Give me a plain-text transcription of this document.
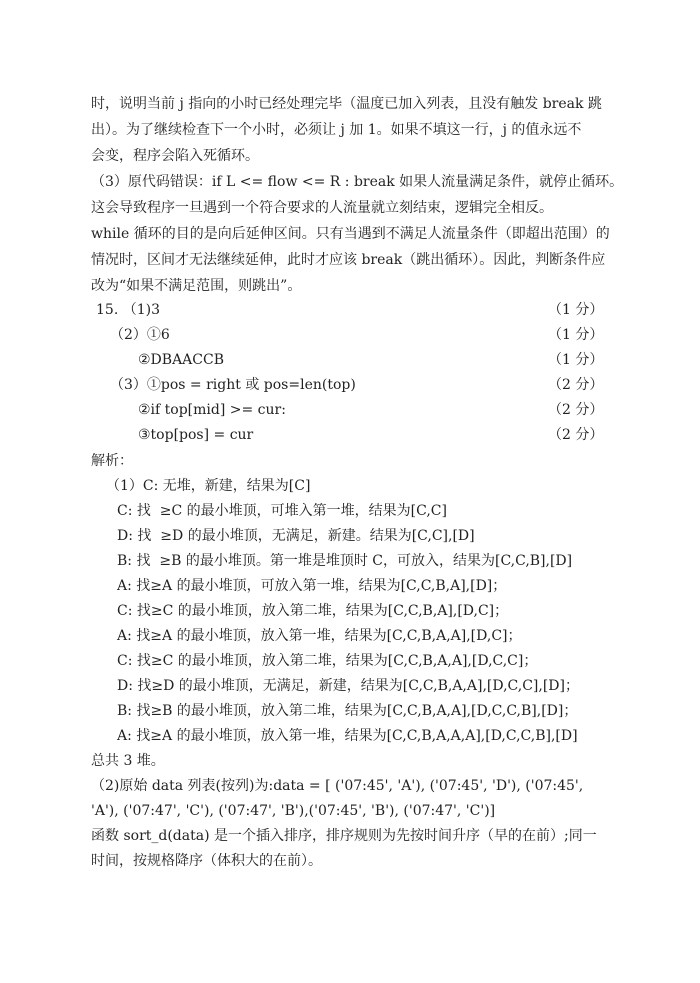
时，说明当前 j 指向的小时已经处理完毕（温度已加入列表，且没有触发 break 跳
出）。为了继续检查下一个小时，必须让 j 加 1。如果不填这一行，j 的值永远不
会变，程序会陷入死循环。
（3）原代码错误：if L <= flow <= R : break 如果人流量满足条件，就停止循环。
这会导致程序一旦遇到一个符合要求的人流量就立刻结束，逻辑完全相反。
while 循环的目的是向后延伸区间。只有当遇到不满足人流量条件（即超出范围）的
情况时，区间才无法继续延伸，此时才应该 break（跳出循环）。因此，判断条件应
改为“如果不满足范围，则跳出”。
15. （1)3	（1 分）
（2）①6	（1 分）
②DBAACCB	（1 分）
（3）①pos = right 或 pos=len(top)	（2 分）
②if top[mid] >= cur:	（2 分）
③top[pos] = cur	（2 分）
解析：
（1）C: 无堆，新建，结果为[C]
C: 找  ≥C 的最小堆顶，可堆入第一堆，结果为[C,C]
D: 找  ≥D 的最小堆顶，无满足，新建。结果为[C,C],[D]
B: 找  ≥B 的最小堆顶。第一堆是堆顶时 C，可放入，结果为[C,C,B],[D]
A: 找≥A 的最小堆顶，可放入第一堆，结果为[C,C,B,A],[D]；
C: 找≥C 的最小堆顶，放入第二堆，结果为[C,C,B,A],[D,C]；
A: 找≥A 的最小堆顶，放入第一堆，结果为[C,C,B,A,A],[D,C]；
C: 找≥C 的最小堆顶，放入第二堆，结果为[C,C,B,A,A],[D,C,C]；
D: 找≥D 的最小堆顶，无满足，新建，结果为[C,C,B,A,A],[D,C,C],[D]；
B: 找≥B 的最小堆顶，放入第二堆，结果为[C,C,B,A,A],[D,C,C,B],[D]；
A: 找≥A 的最小堆顶，放入第一堆，结果为[C,C,B,A,A,A],[D,C,C,B],[D]
总共 3 堆。
（2)原始 data 列表(按列)为:data = [ ('07:45', 'A'), ('07:45', 'D'), ('07:45',
'A'), ('07:47', 'C'), ('07:47', 'B'),('07:45', 'B'), ('07:47', 'C')]
函数 sort_d(data) 是一个插入排序，排序规则为先按时间升序（早的在前）;同一
时间，按规格降序（体积大的在前）。
